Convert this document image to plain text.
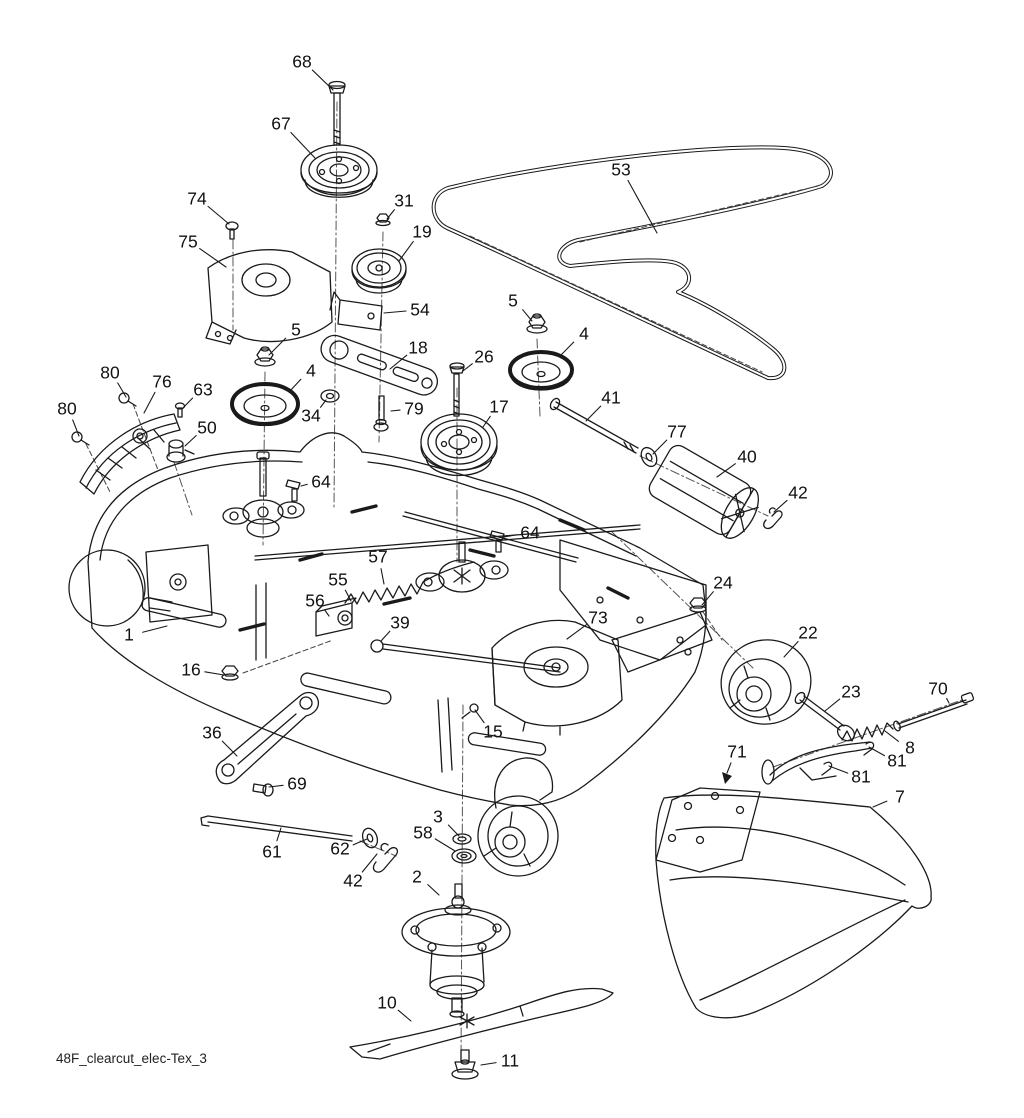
68
67
53
74	31
19
75
54
5
18	26
5
4
4
34	79	17	41
80
80
76 63
50	77
40
42
64
64
57
55
56
39	73
24
22
1
16
23	70
8
81
81
71
7
36
69
15
61	62
42
3
58
2
10
11
48F_clearcut_elec-Tex_3
